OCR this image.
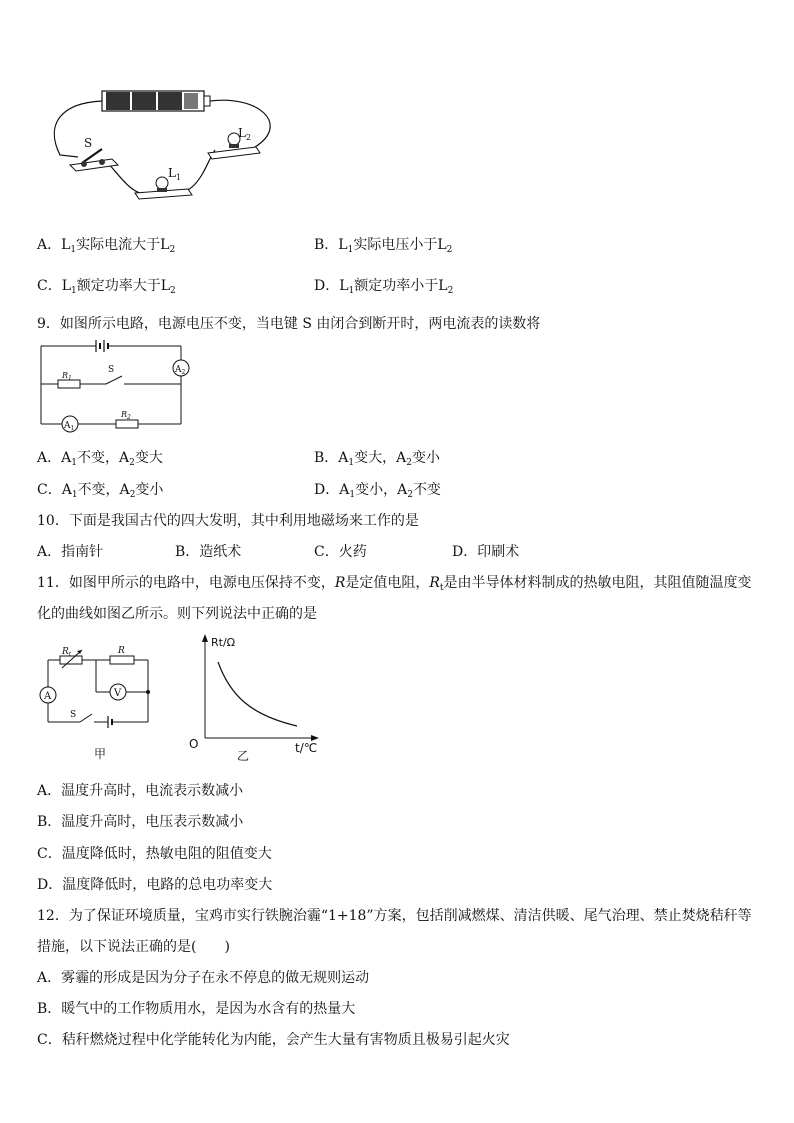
S
$L_1$
$L_2$
A．$L_1$实际电流大于$L_2$	B．$L_1$实际电压小于$L_2$
C．$L_1$额定功率大于$L_2$	D．$L_1$额定功率小于$L_2$
9．如图所示电路，电源电压不变，当电键 S 由闭合到断开时，两电流表的读数将
$A_2$
$R_1$
S
$A_1$
$R_2$
A．$A_1$不变，$A_2$变大	B．$A_1$变大，$A_2$变小
C．$A_1$不变，$A_2$变小	D．$A_1$变小，$A_2$不变
10．下面是我国古代的四大发明，其中利用地磁场来工作的是
A．指南针	B．造纸术	C．火药	D．印刷术
11．如图甲所示的电路中，电源电压保持不变，R是定值电阻，$R_t$是由半导体材料制成的热敏电阻，其阻值随温度变
化的曲线如图乙所示。则下列说法中正确的是
$R_t$	R
V
A
S
甲
Rt/Ω
O	t/℃
乙
A．温度升高时，电流表示数减小
B．温度升高时，电压表示数减小
C．温度降低时，热敏电阻的阻值变大
D．温度降低时，电路的总电功率变大
12．为了保证环境质量，宝鸡市实行铁腕治霾“1+18”方案，包括削减燃煤、清洁供暖、尾气治理、禁止焚烧秸秆等
措施，以下说法正确的是(　　)
A．雾霾的形成是因为分子在永不停息的做无规则运动
B．暖气中的工作物质用水，是因为水含有的热量大
C．秸秆燃烧过程中化学能转化为内能，会产生大量有害物质且极易引起火灾
